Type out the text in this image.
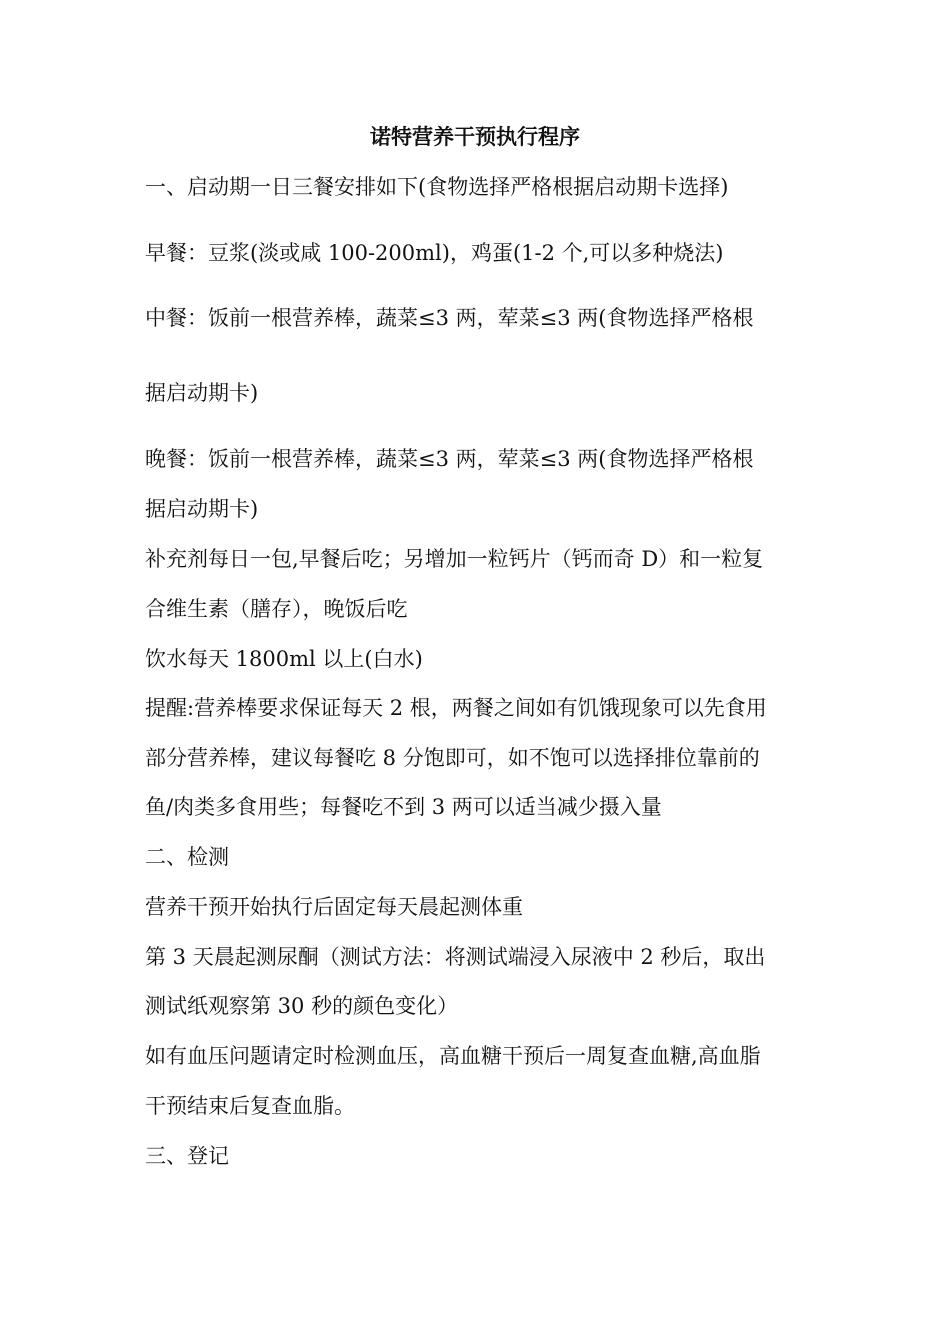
诺特营养干预执行程序
一、启动期一日三餐安排如下(食物选择严格根据启动期卡选择)
早餐：豆浆(淡或咸 100-200ml)，鸡蛋(1-2 个,可以多种烧法)
中餐：饭前一根营养棒，蔬菜≤3 两，荤菜≤3 两(食物选择严格根
据启动期卡)
晚餐：饭前一根营养棒，蔬菜≤3 两，荤菜≤3 两(食物选择严格根
据启动期卡)
补充剂每日一包,早餐后吃；另增加一粒钙片（钙而奇 D）和一粒复
合维生素（膳存），晚饭后吃
饮水每天 1800ml 以上(白水)
提醒:营养棒要求保证每天 2 根，两餐之间如有饥饿现象可以先食用
部分营养棒，建议每餐吃 8 分饱即可，如不饱可以选择排位靠前的
鱼/肉类多食用些；每餐吃不到 3 两可以适当减少摄入量
二、检测
营养干预开始执行后固定每天晨起测体重
第 3 天晨起测尿酮（测试方法：将测试端浸入尿液中 2 秒后，取出
测试纸观察第 30 秒的颜色变化）
如有血压问题请定时检测血压，高血糖干预后一周复查血糖,高血脂
干预结束后复查血脂。
三、登记
